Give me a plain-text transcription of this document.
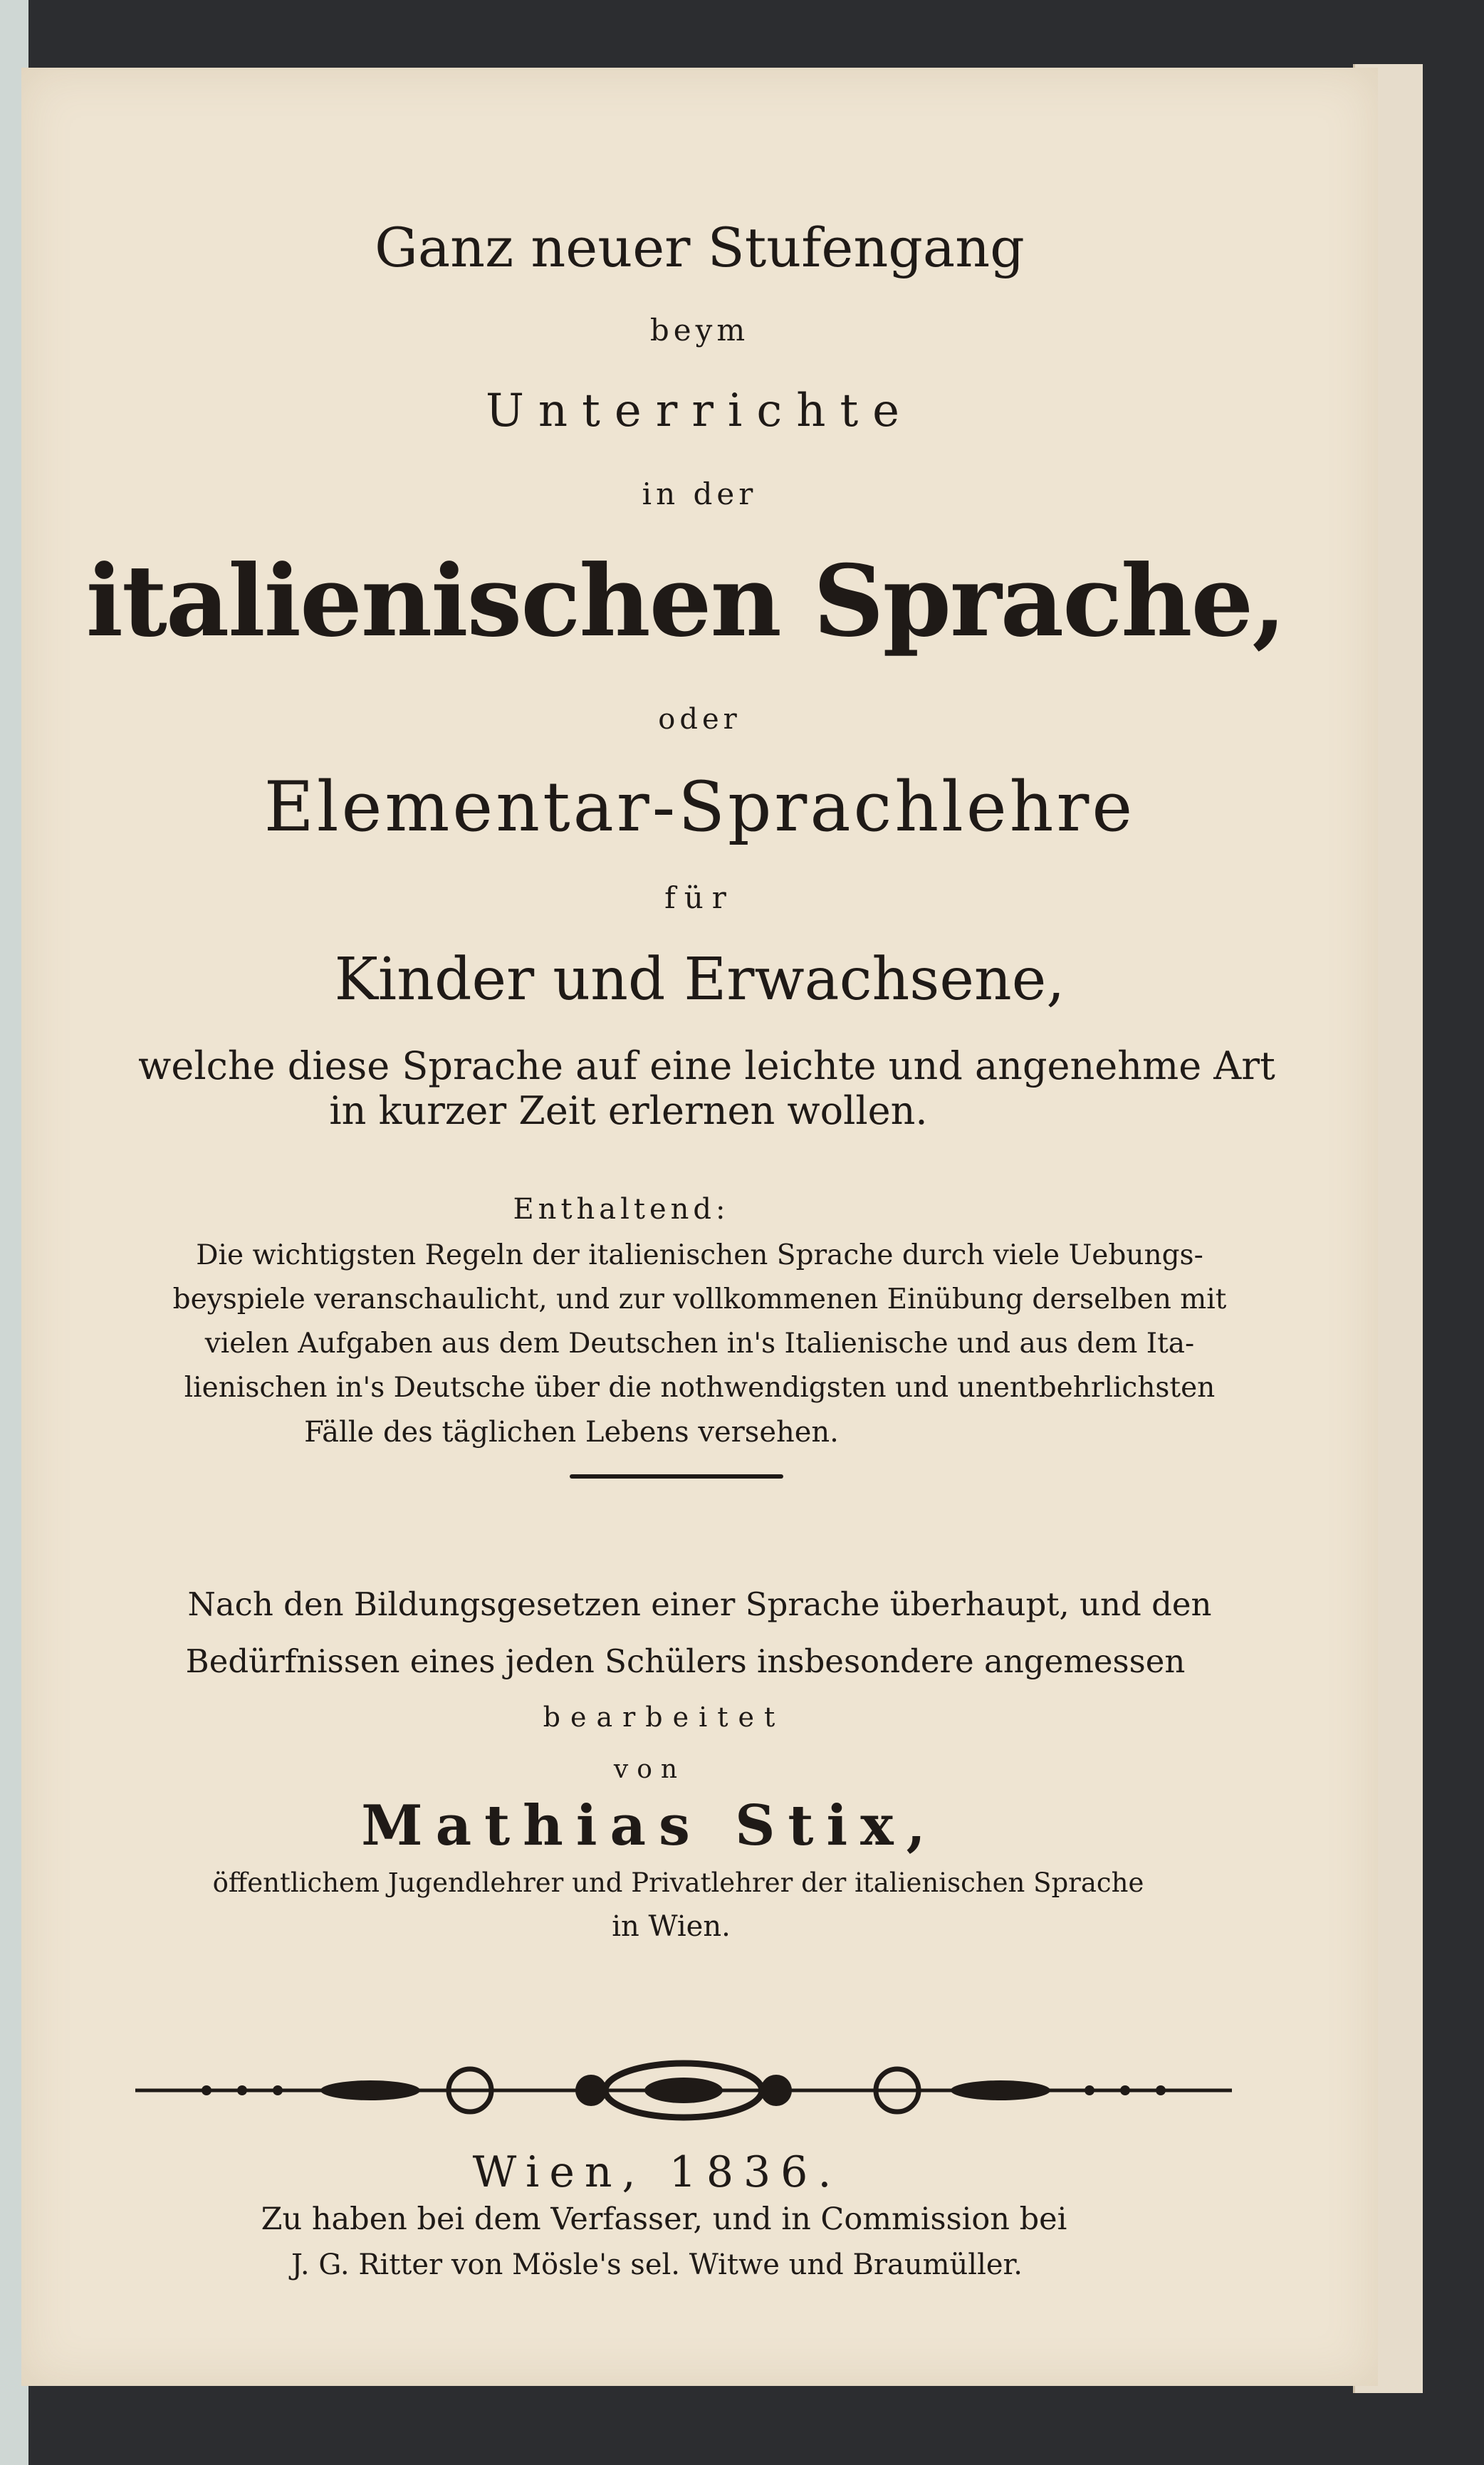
Ganz neuer Stufengang
beym
Unterrichte
in der
italienischen Sprache,
oder
Elementar-Sprachlehre
für
Kinder und Erwachsene,
welche diese Sprache auf eine leichte und angenehme Art
in kurzer Zeit erlernen wollen.
Enthaltend:
Die wichtigsten Regeln der italienischen Sprache durch viele Uebungs-
beyspiele veranschaulicht, und zur vollkommenen Einübung derselben mit
vielen Aufgaben aus dem Deutschen in's Italienische und aus dem Ita-
lienischen in's Deutsche über die nothwendigsten und unentbehrlichsten
Fälle des täglichen Lebens versehen.
Nach den Bildungsgesetzen einer Sprache überhaupt, und den
Bedürfnissen eines jeden Schülers insbesondere angemessen
bearbeitet
von
Mathias Stix,
öffentlichem Jugendlehrer und Privatlehrer der italienischen Sprache
in Wien.
Wien, 1836.
Zu haben bei dem Verfasser, und in Commission bei
J. G. Ritter von Mösle's sel. Witwe und Braumüller.
